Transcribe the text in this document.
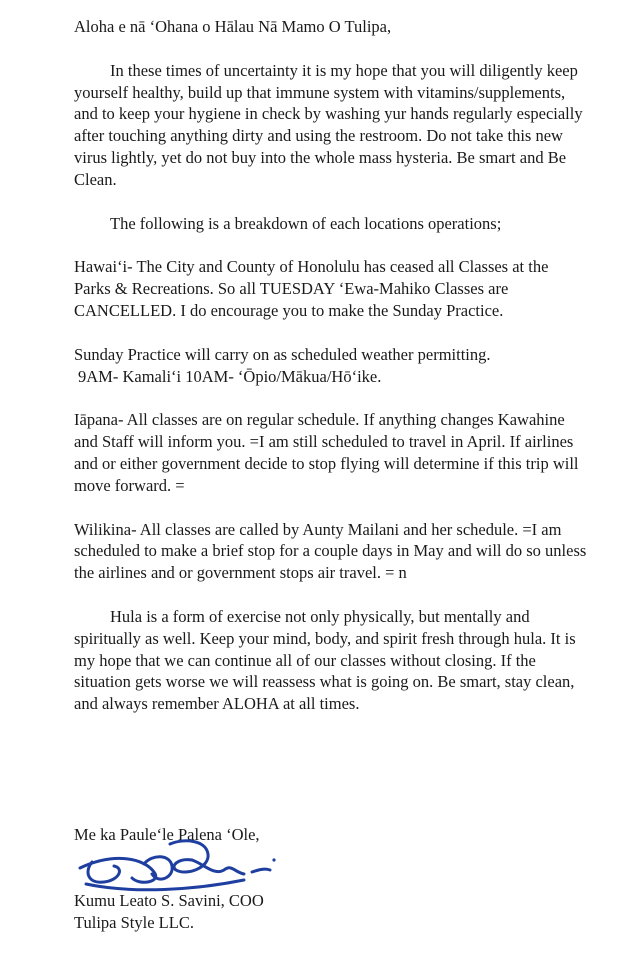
Aloha e nā ʻOhana o Hālau Nā Mamo O Tulipa,

In these times of uncertainty it is my hope that you will diligently keep yourself healthy, build up that immune system with vitamins/supplements, and to keep your hygiene in check by washing yur hands regularly especially after touching anything dirty and using the restroom. Do not take this new virus lightly, yet do not buy into the whole mass hysteria. Be smart and Be Clean.

The following is a breakdown of each locations operations;

Hawaiʻi- The City and County of Honolulu has ceased all Classes at the Parks & Recreations. So all TUESDAY ʻEwa-Mahiko Classes are CANCELLED. I do encourage you to make the Sunday Practice.

Sunday Practice will carry on as scheduled weather permitting.

9AM- Kamaliʻi 10AM- ʻŌpio/Mākua/Hōʻike.

Iāpana- All classes are on regular schedule. If anything changes Kawahine and Staff will inform you. =I am still scheduled to travel in April. If airlines and or either government decide to stop flying will determine if this trip will move forward. =

Wilikina- All classes are called by Aunty Mailani and her schedule. =I am scheduled to make a brief stop for a couple days in May and will do so unless the airlines and or government stops air travel. = n

Hula is a form of exercise not only physically, but mentally and spiritually as well. Keep your mind, body, and spirit fresh through hula. It is my hope that we can continue all of our classes without closing. If the situation gets worse we will reassess what is going on. Be smart, stay clean, and always remember ALOHA at all times.

Me ka Pauleʻle Palena ʻOle,

Kumu Leato S. Savini, COO

Tulipa Style LLC.
